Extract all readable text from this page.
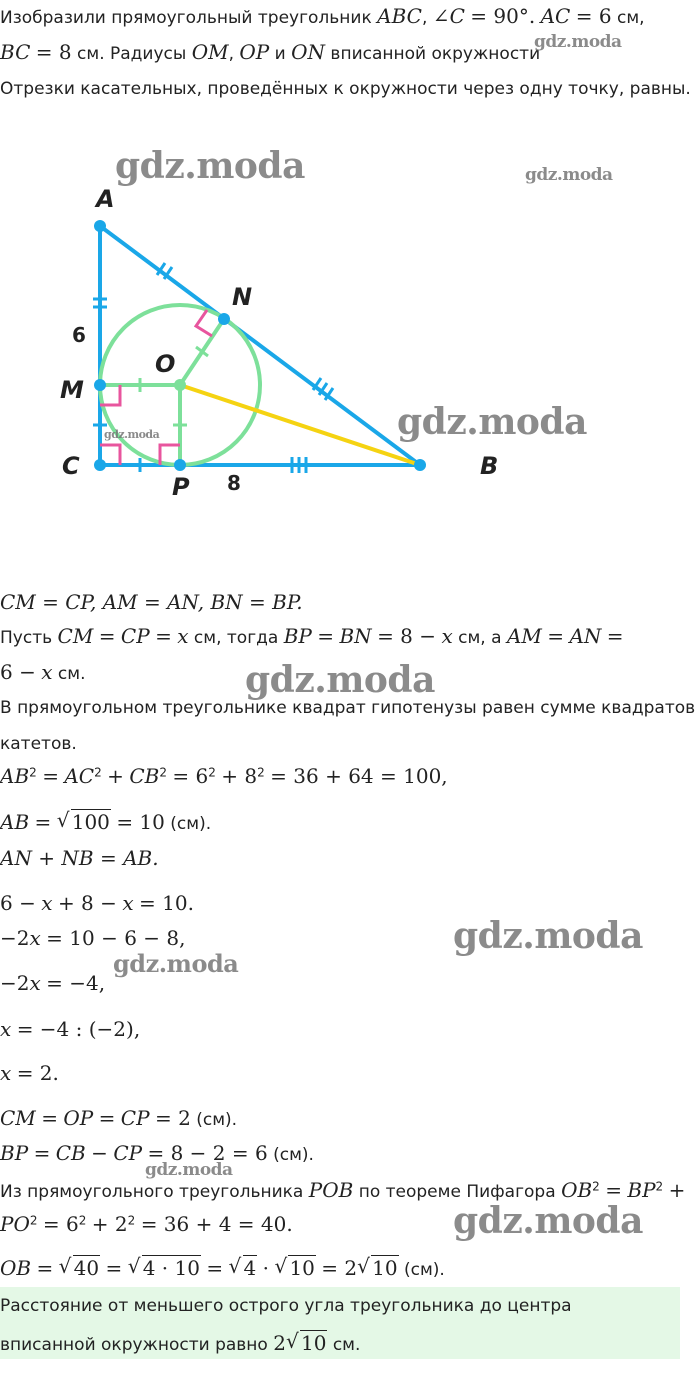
Изобразили прямоугольный треугольник ABC, ∠C = 90°. AC = 6 см,
BC = 8 см. Радиусы OM, OP и ON вписанной окружности
Отрезки касательных, проведённых к окружности через одну точку, равны.
A
N
O
M
C
P
B
6
8
CM = CP, AM = AN, BN = BP.
Пусть CM = CP = x см, тогда BP = BN = 8 − x см, а AM = AN =
6 − x см.
В прямоугольном треугольнике квадрат гипотенузы равен сумме квадратов
катетов.
$AB^2 = AC^2 + CB^2 = 6^2 + 8^2 = 36 + 64 = 100$,
AB = √ 100 = 10 (см).
AN + NB = AB.
6 − x + 8 − x = 10.
−2x = 10 − 6 − 8,
−2x = −4,
x = −4 : (−2),
x = 2.
CM = OP = CP = 2 (см).
BP = CB − CP = 8 − 2 = 6 (см).
Из прямоугольного треугольника POB по теореме Пифагора $OB^2 = BP^2$ +
$PO^2 = 6^2 + 2^2 = 36 + 4 = 40$.
OB = √ 40 = √ 4 · 10 = √ 4 · √ 10 = 2 √ 10 (см).
Расстояние от меньшего острого угла треугольника до центра
вписанной окружности равно 2 √ 10 см.
gdz.moda
gdz.moda	gdz.moda
gdz.moda
gdz.moda
gdz.moda
gdz.moda
gdz.moda
gdz.moda
gdz.moda
